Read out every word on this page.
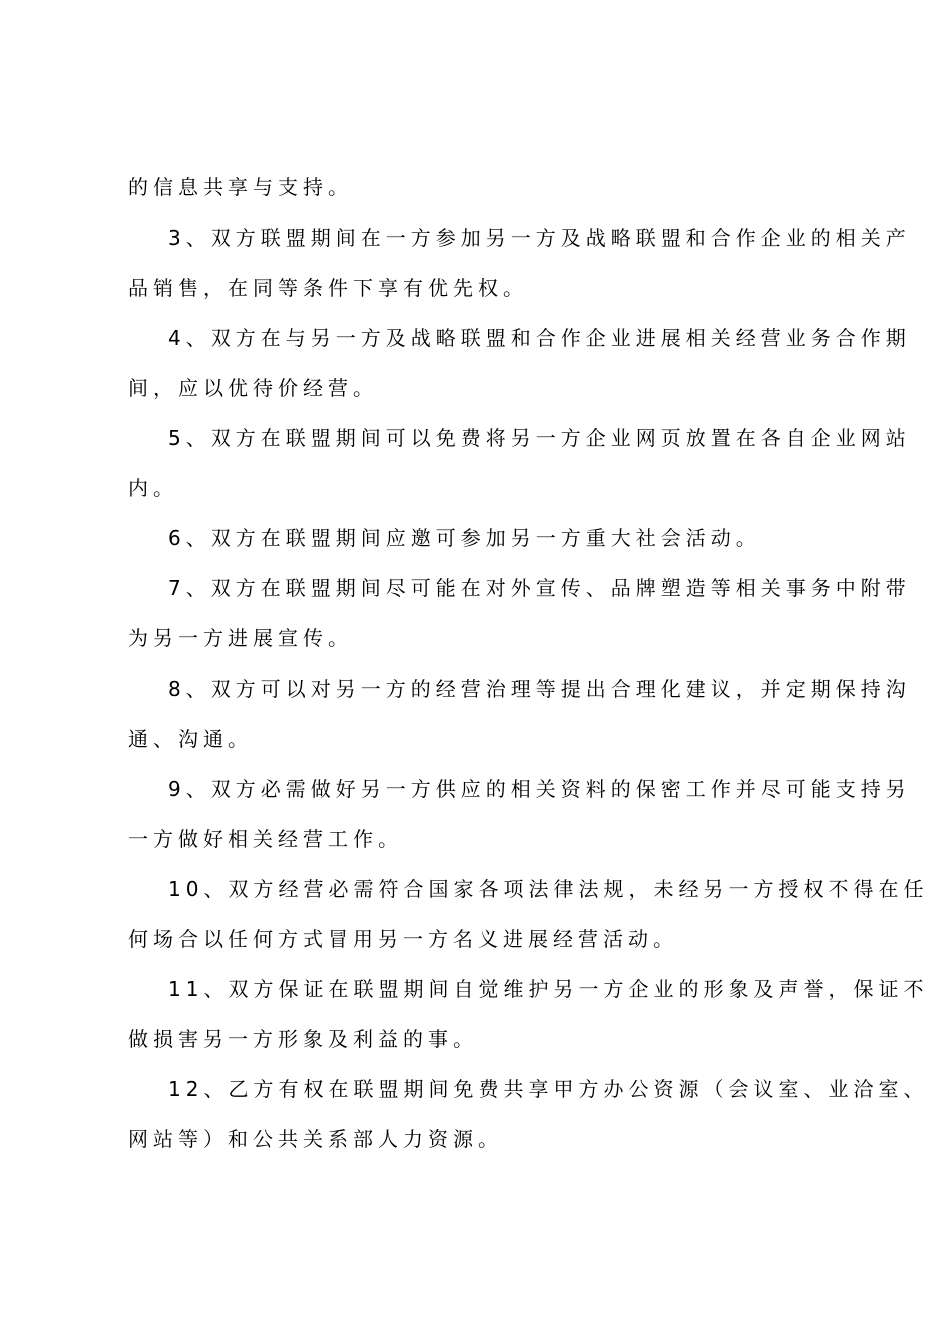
的信息共享与支持。
3、双方联盟期间在一方参加另一方及战略联盟和合作企业的相关产
品销售，在同等条件下享有优先权。
4、双方在与另一方及战略联盟和合作企业进展相关经营业务合作期
间，应以优待价经营。
5、双方在联盟期间可以免费将另一方企业网页放置在各自企业网站
内。
6、双方在联盟期间应邀可参加另一方重大社会活动。
7、双方在联盟期间尽可能在对外宣传、品牌塑造等相关事务中附带
为另一方进展宣传。
8、双方可以对另一方的经营治理等提出合理化建议，并定期保持沟
通、沟通。
9、双方必需做好另一方供应的相关资料的保密工作并尽可能支持另
一方做好相关经营工作。
10、双方经营必需符合国家各项法律法规，未经另一方授权不得在任
何场合以任何方式冒用另一方名义进展经营活动。
11、双方保证在联盟期间自觉维护另一方企业的形象及声誉，保证不
做损害另一方形象及利益的事。
12、乙方有权在联盟期间免费共享甲方办公资源（会议室、业洽室、
网站等）和公共关系部人力资源。
